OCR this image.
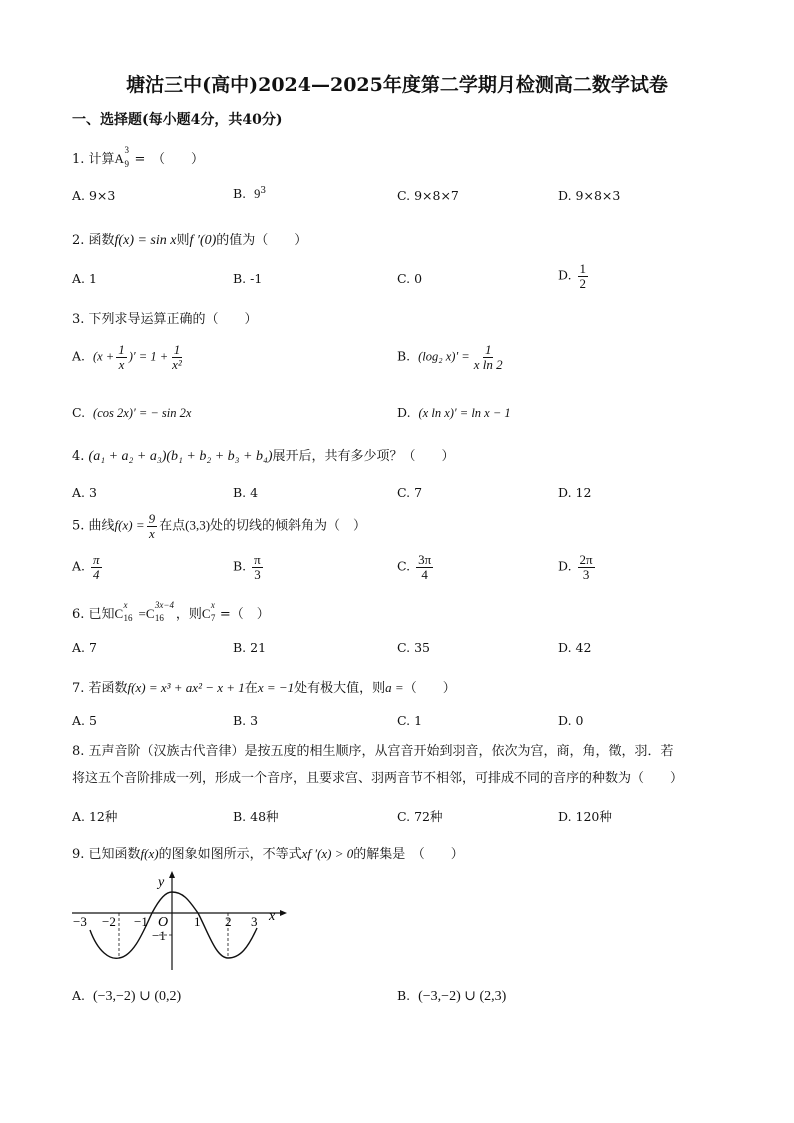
塘沽三中(高中)2024—2025年度第二学期月检测高二数学试卷
一、选择题(每小题4分，共40分)
1. 计算A
3
9 =　（　　）
A. 9×3	B. $9^3$	C. 9×8×7	D. 9×8×3
2. 函数f(x) = sin x则f ′(0)的值为（　　）
A. 1	B. -1	C. 0	D. $\frac{1}{2}$
3. 下列求导运算正确的（　　）
A. ($x + \frac{1}{x}$ )′ = $1 + \frac{1}{\text{x²}}$	B. (log₂ $x)' = \frac{1}{\text{x ln 2}}$
C. (cos 2x)′ = − sin 2x	D. (x ln x)′ = ln x − 1
4. (a₁ + a₂ + a₃)(b₁ + b₂ + b₃ + b₄)展开后，共有多少项？（　　）
A. 3	B. 4	C. 7	D. 12
5. 曲线$f(x) = \frac{9}{x}$ 在点(3,3)处的切线的倾斜角为（　）
A. $\frac{\pi}{4}$	B. $\frac{\pi}{3}$	C. $\frac{3\pi}{4}$	D. $\frac{2\pi}{3}$
6. 已知C
x
16 =C
3x−4
16 ，则C
x
7 =（　）
A. 7	B. 21	C. 35	D. 42
7. 若函数f(x) = x³ + ax² − x + 1在x = −1处有极大值，则a =（　　）
A. 5	B. 3	C. 1	D. 0
8. 五声音阶（汉族古代音律）是按五度的相生顺序，从宫音开始到羽音，依次为宫，商，角，徵，羽．若
将这五个音阶排成一列，形成一个音序，且要求宫、羽两音节不相邻，可排成不同的音序的种数为（　　）
A. 12种	B. 48种	C. 72种	D. 120种
9. 已知函数f(x)的图象如图所示，不等式xf ′(x) > 0的解集是　（　　）
−3 −2 −1 O 1 2 3 x
y
−1
A. (−3,−2) ∪ (0,2)	B. (−3,−2) ∪ (2,3)
